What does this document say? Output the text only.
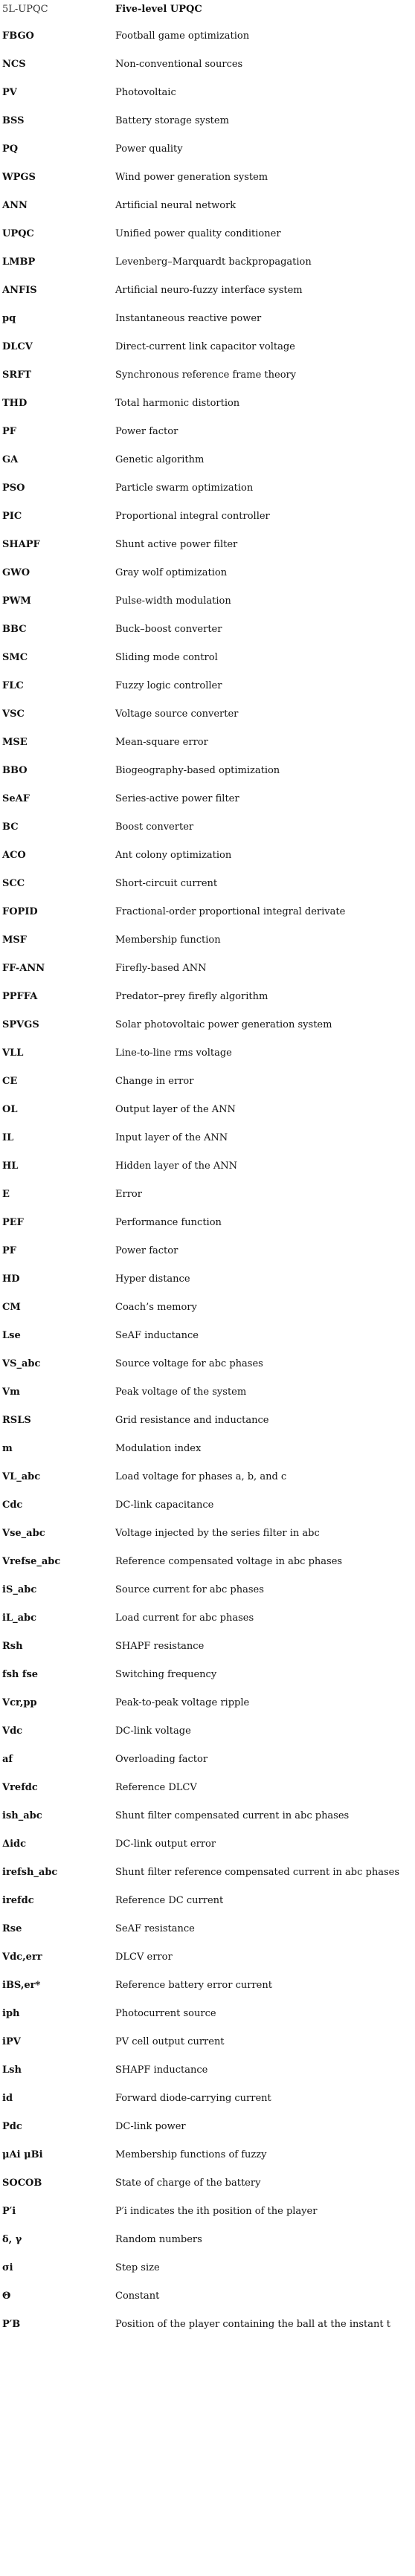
5L-UPQC	Five-level UPQC
FBGO	Football game optimization
NCS	Non-conventional sources
PV	Photovoltaic
BSS	Battery storage system
PQ	Power quality
WPGS	Wind power generation system
ANN	Artificial neural network
UPQC	Unified power quality conditioner
LMBP	Levenberg–Marquardt backpropagation
ANFIS	Artificial neuro-fuzzy interface system
pq	Instantaneous reactive power
DLCV	Direct-current link capacitor voltage
SRFT	Synchronous reference frame theory
THD	Total harmonic distortion
PF	Power factor
GA	Genetic algorithm
PSO	Particle swarm optimization
PIC	Proportional integral controller
SHAPF	Shunt active power filter
GWO	Gray wolf optimization
PWM	Pulse-width modulation
BBC	Buck–boost converter
SMC	Sliding mode control
FLC	Fuzzy logic controller
VSC	Voltage source converter
MSE	Mean-square error
BBO	Biogeography-based optimization
SeAF	Series-active power filter
BC	Boost converter
ACO	Ant colony optimization
SCC	Short-circuit current
FOPID	Fractional-order proportional integral derivate
MSF	Membership function
FF-ANN	Firefly-based ANN
PPFFA	Predator–prey firefly algorithm
SPVGS	Solar photovoltaic power generation system
VLL	Line-to-line rms voltage
CE	Change in error
OL	Output layer of the ANN
IL	Input layer of the ANN
HL	Hidden layer of the ANN
E	Error
PEF	Performance function
PF	Power factor
HD	Hyper distance
CM	Coach’s memory
Lse	SeAF inductance
VS_abc	Source voltage for abc phases
Vm	Peak voltage of the system
RSLS	Grid resistance and inductance
m	Modulation index
VL_abc	Load voltage for phases a, b, and c
Cdc	DC-link capacitance
Vse_abc	Voltage injected by the series filter in abc
Vrefse_abc	Reference compensated voltage in abc phases
iS_abc	Source current for abc phases
iL_abc	Load current for abc phases
Rsh	SHAPF resistance
fsh fse	Switching frequency
Vcr,pp	Peak-to-peak voltage ripple
Vdc	DC-link voltage
af	Overloading factor
Vrefdc	Reference DLCV
ish_abc	Shunt filter compensated current in abc phases
Δidc	DC-link output error
irefsh_abc	Shunt filter reference compensated current in abc phases
irefdc	Reference DC current
Rse	SeAF resistance
Vdc,err	DLCV error
iBS,er*	Reference battery error current
iph	Photocurrent source
iPV	PV cell output current
Lsh	SHAPF inductance
id	Forward diode-carrying current
Pdc	DC-link power
μAi μBi	Membership functions of fuzzy
SOCOB	State of charge of the battery
P′i	P′i indicates the ith position of the player
δ, γ	Random numbers
σi	Step size
Θ	Constant
P′B	Position of the player containing the ball at the instant t
